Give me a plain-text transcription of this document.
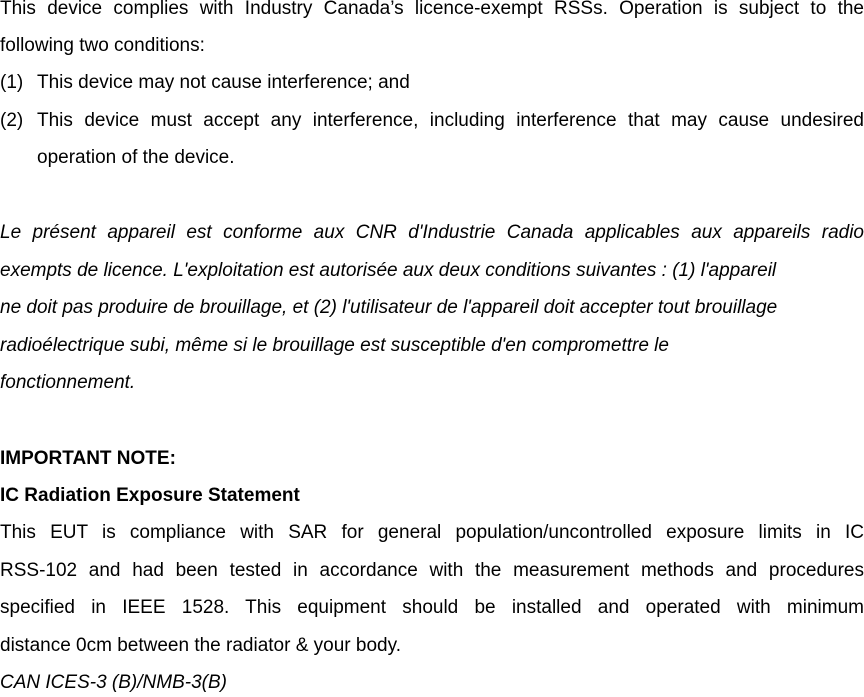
This device complies with Industry Canada’s licence-exempt RSSs. Operation is subject to the
following two conditions:
(1) This device may not cause interference; and
(2) This device must accept any interference, including interference that may cause undesired
operation of the device.
Le présent appareil est conforme aux CNR d'Industrie Canada applicables aux appareils radio
exempts de licence. L'exploitation est autorisée aux deux conditions suivantes : (1) l'appareil
ne doit pas produire de brouillage, et (2) l'utilisateur de l'appareil doit accepter tout brouillage
radioélectrique subi, même si le brouillage est susceptible d'en compromettre le
fonctionnement.
IMPORTANT NOTE:
IC Radiation Exposure Statement
This EUT is compliance with SAR for general population/uncontrolled exposure limits in IC
RSS-102 and had been tested in accordance with the measurement methods and procedures
specified in IEEE 1528. This equipment should be installed and operated with minimum
distance 0cm between the radiator & your body.
CAN ICES-3 (B)/NMB-3(B)
